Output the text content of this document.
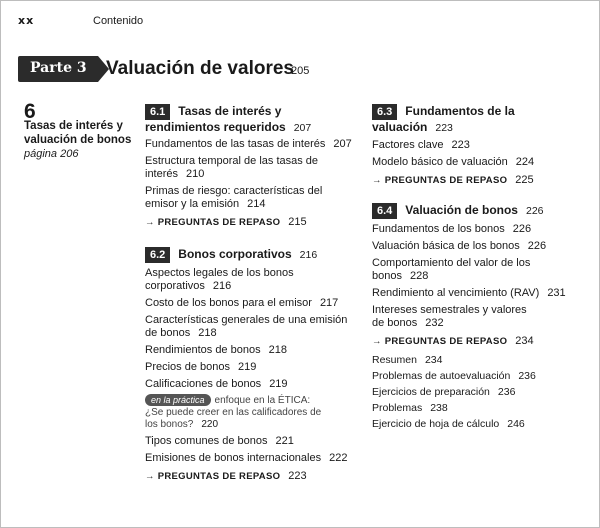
xx	Contenido
Parte 3 Valuación de valores
205
6
Tasas de interés y valuación de bonos
página 206
6.1	Tasas de interés y
rendimientos requeridos 207
Fundamentos de las tasas de interés 207
Estructura temporal de las tasas de
interés 210
Primas de riesgo: características del
emisor y la emisión 214
→ PREGUNTAS DE REPASO 215
6.2	Bonos corporativos 216
Aspectos legales de los bonos
corporativos 216
Costo de los bonos para el emisor 217
Características generales de una emisión
de bonos 218
Rendimientos de bonos 218
Precios de bonos 219
Calificaciones de bonos 219
en la práctica enfoque en la ÉTICA:
¿Se puede creer en las calificadores de
los bonos? 220
Tipos comunes de bonos 221
Emisiones de bonos internacionales 222
→ PREGUNTAS DE REPASO 223
6.3	Fundamentos de la
valuación 223
Factores clave 223
Modelo básico de valuación 224
→ PREGUNTAS DE REPASO 225
6.4	Valuación de bonos 226
Fundamentos de los bonos 226
Valuación básica de los bonos 226
Comportamiento del valor de los
bonos 228
Rendimiento al vencimiento (RAV) 231
Intereses semestrales y valores
de bonos 232
→ PREGUNTAS DE REPASO 234
Resumen 234
Problemas de autoevaluación 236
Ejercicios de preparación 236
Problemas 238
Ejercicio de hoja de cálculo 246
